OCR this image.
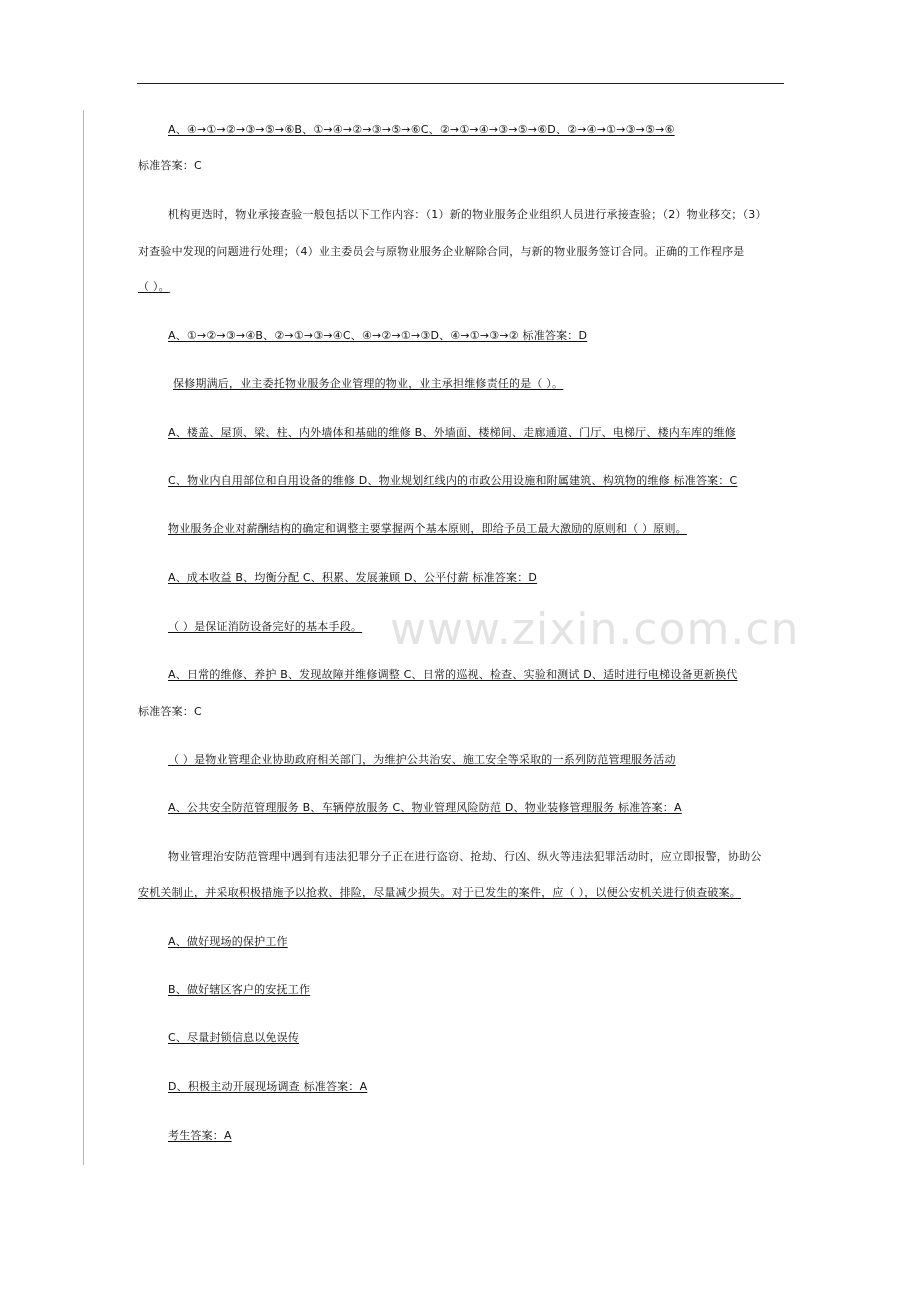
www.zixin.com.cn
A、④→①→②→③→⑤→⑥B、①→④→②→③→⑤→⑥C、②→①→④→③→⑤→⑥D、②→④→①→③→⑤→⑥
标准答案：C
机构更迭时，物业承接查验一般包括以下工作内容：（1）新的物业服务企业组织人员进行承接查验；（2）物业移交；（3）
对查验中发现的问题进行处理；（4）业主委员会与原物业服务企业解除合同，与新的物业服务签订合同。正确的工作程序是
（ ）。
A、①→②→③→④B、②→①→③→④C、④→②→①→③D、④→①→③→② 标准答案：D
保修期满后，业主委托物业服务企业管理的物业，业主承担维修责任的是（ ）。
A、楼盖、屋顶、梁、柱、内外墙体和基础的维修 B、外墙面、楼梯间、走廊通道、门厅、电梯厅、楼内车库的维修
C、物业内自用部位和自用设备的维修 D、物业规划红线内的市政公用设施和附属建筑、构筑物的维修 标准答案：C
物业服务企业对薪酬结构的确定和调整主要掌握两个基本原则，即给予员工最大激励的原则和（ ）原则。
A、成本收益 B、均衡分配 C、积累、发展兼顾 D、公平付薪 标准答案：D
（ ）是保证消防设备完好的基本手段。
A、日常的维修、养护 B、发现故障并维修调整 C、日常的巡视、检查、实验和测试 D、适时进行电梯设备更新换代
标准答案：C
（ ）是物业管理企业协助政府相关部门，为维护公共治安、施工安全等采取的一系列防范管理服务活动
A、公共安全防范管理服务 B、车辆停放服务 C、物业管理风险防范 D、物业装修管理服务 标准答案：A
物业管理治安防范管理中遇到有违法犯罪分子正在进行盗窃、抢劫、行凶、纵火等违法犯罪活动时，应立即报警，协助公
安机关制止，并采取积极措施予以抢救、排险，尽量减少损失。对于已发生的案件，应（ ），以便公安机关进行侦查破案。
A、做好现场的保护工作
B、做好辖区客户的安抚工作
C、尽量封锁信息以免误传
D、积极主动开展现场调查 标准答案：A
考生答案：A
